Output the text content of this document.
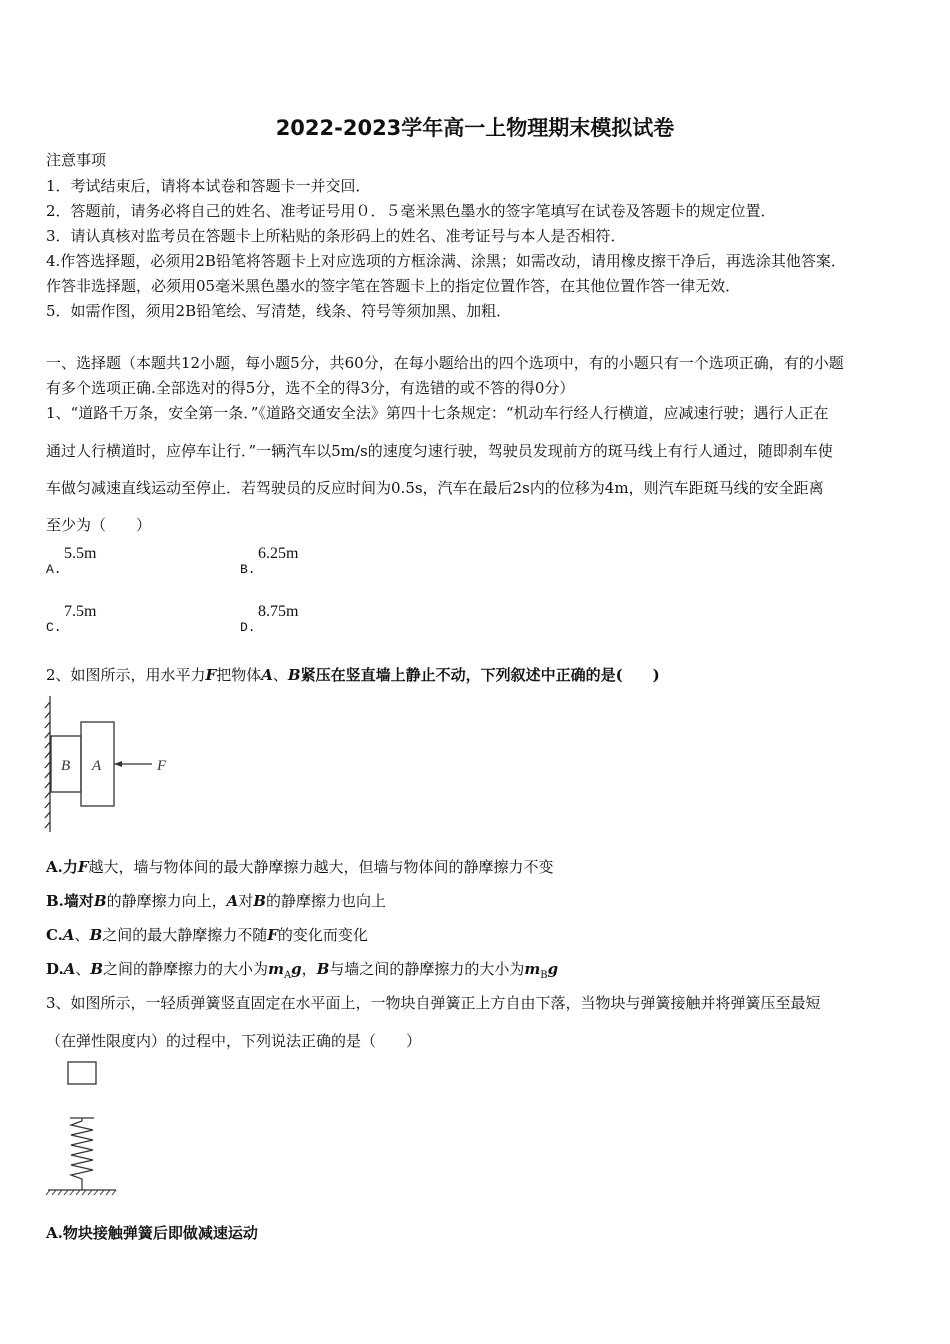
2022-2023学年高一上物理期末模拟试卷
注意事项
1．考试结束后，请将本试卷和答题卡一并交回．
2．答题前，请务必将自己的姓名、准考证号用０．５毫米黑色墨水的签字笔填写在试卷及答题卡的规定位置．
3．请认真核对监考员在答题卡上所粘贴的条形码上的姓名、准考证号与本人是否相符．
4.作答选择题，必须用2B铅笔将答题卡上对应选项的方框涂满、涂黑；如需改动，请用橡皮擦干净后，再选涂其他答案．
作答非选择题，必须用05毫米黑色墨水的签字笔在答题卡上的指定位置作答，在其他位置作答一律无效．
5．如需作图，须用2B铅笔绘、写清楚，线条、符号等须加黑、加粗．
一、选择题（本题共12小题，每小题5分，共60分，在每小题给出的四个选项中，有的小题只有一个选项正确，有的小题
有多个选项正确.全部选对的得5分，选不全的得3分，有选错的或不答的得0分）
1、“道路千万条，安全第一条．”《道路交通安全法》第四十七条规定：“机动车行经人行横道，应减速行驶；遇行人正在
通过人行横道时，应停车让行．”一辆汽车以5m/s的速度匀速行驶，驾驶员发现前方的斑马线上有行人通过，随即刹车使
车做匀减速直线运动至停止．若驾驶员的反应时间为0.5s，汽车在最后2s内的位移为4m，则汽车距斑马线的安全距离
至少为（　　）
A.
5.5m
B.
6.25m
C.
7.5m
D.
8.75m
2、如图所示，用水平力F把物体A、B紧压在竖直墙上静止不动，下列叙述中正确的是(　　)
B A	F
A.力F越大，墙与物体间的最大静摩擦力越大，但墙与物体间的静摩擦力不变
B.墙对B的静摩擦力向上，A对B的静摩擦力也向上
C.A、B之间的最大静摩擦力不随F的变化而变化
D.A、B之间的静摩擦力的大小为$m_Ag$，B与墙之间的静摩擦力的大小为$m_Bg$
3、如图所示，一轻质弹簧竖直固定在水平面上，一物块自弹簧正上方自由下落，当物块与弹簧接触并将弹簧压至最短
（在弹性限度内）的过程中，下列说法正确的是（　　）
A.物块接触弹簧后即做减速运动
